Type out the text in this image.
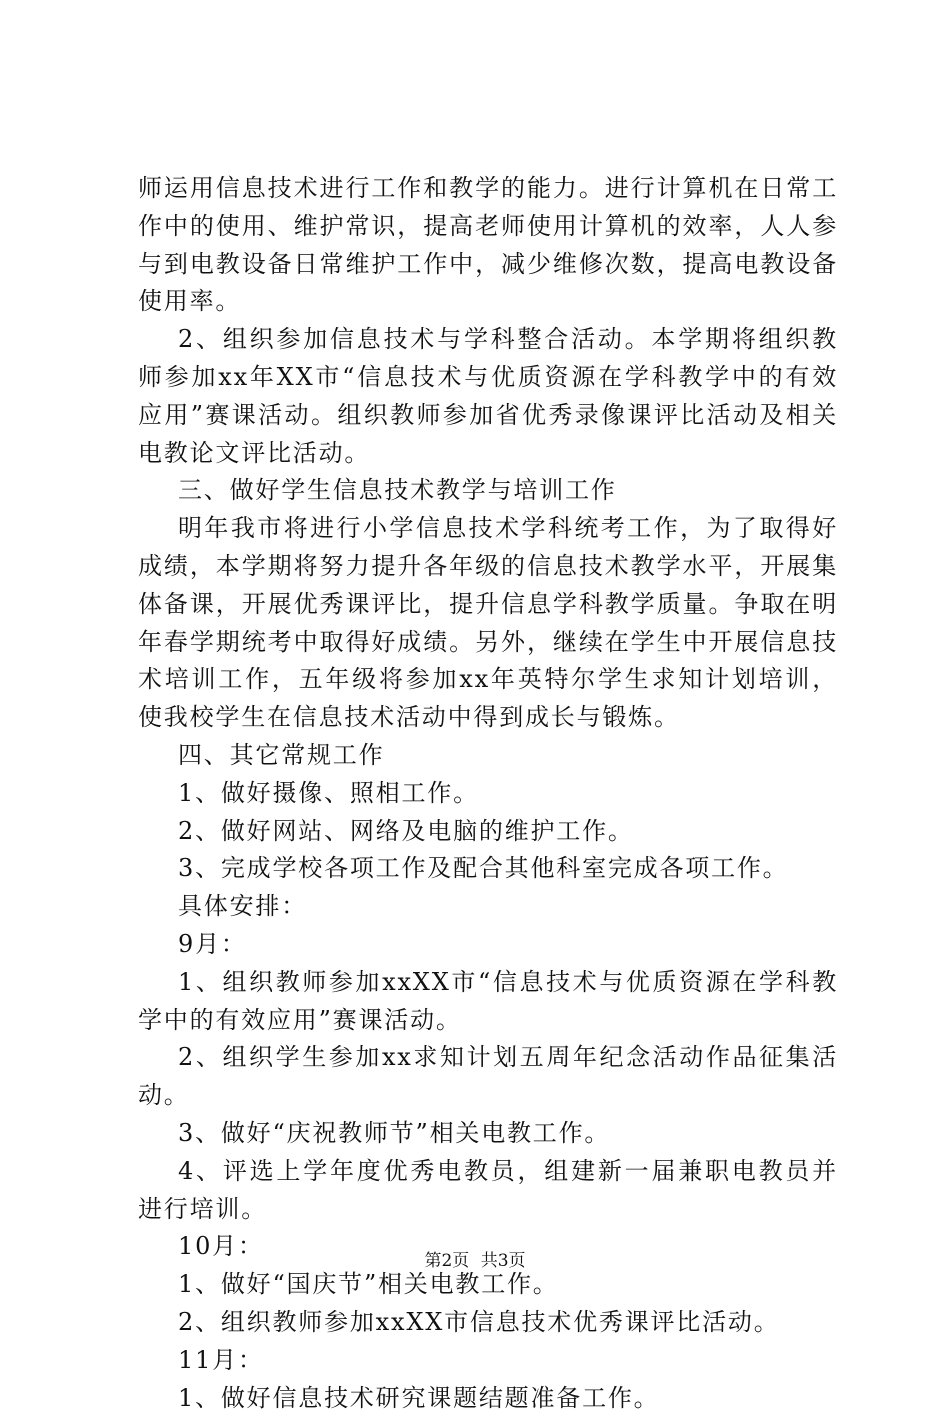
师运用信息技术进行工作和教学的能力。进行计算机在日常工作中的使用、维护常识，提高老师使用计算机的效率，人人参与到电教设备日常维护工作中，减少维修次数，提高电教设备使用率。

2、组织参加信息技术与学科整合活动。本学期将组织教师参加xx年XX市“信息技术与优质资源在学科教学中的有效应用”赛课活动。组织教师参加省优秀录像课评比活动及相关电教论文评比活动。

三、做好学生信息技术教学与培训工作

明年我市将进行小学信息技术学科统考工作，为了取得好成绩，本学期将努力提升各年级的信息技术教学水平，开展集体备课，开展优秀课评比，提升信息学科教学质量。争取在明年春学期统考中取得好成绩。另外，继续在学生中开展信息技术培训工作，五年级将参加xx年英特尔学生求知计划培训，使我校学生在信息技术活动中得到成长与锻炼。

四、其它常规工作

1、做好摄像、照相工作。

2、做好网站、网络及电脑的维护工作。

3、完成学校各项工作及配合其他科室完成各项工作。

具体安排：

9月：

1、组织教师参加xxXX市“信息技术与优质资源在学科教学中的有效应用”赛课活动。

2、组织学生参加xx求知计划五周年纪念活动作品征集活动。

3、做好“庆祝教师节”相关电教工作。

4、评选上学年度优秀电教员，组建新一届兼职电教员并进行培训。

10月：

1、做好“国庆节”相关电教工作。

2、组织教师参加xxXX市信息技术优秀课评比活动。

11月：

1、做好信息技术研究课题结题准备工作。

第2页 共3页
